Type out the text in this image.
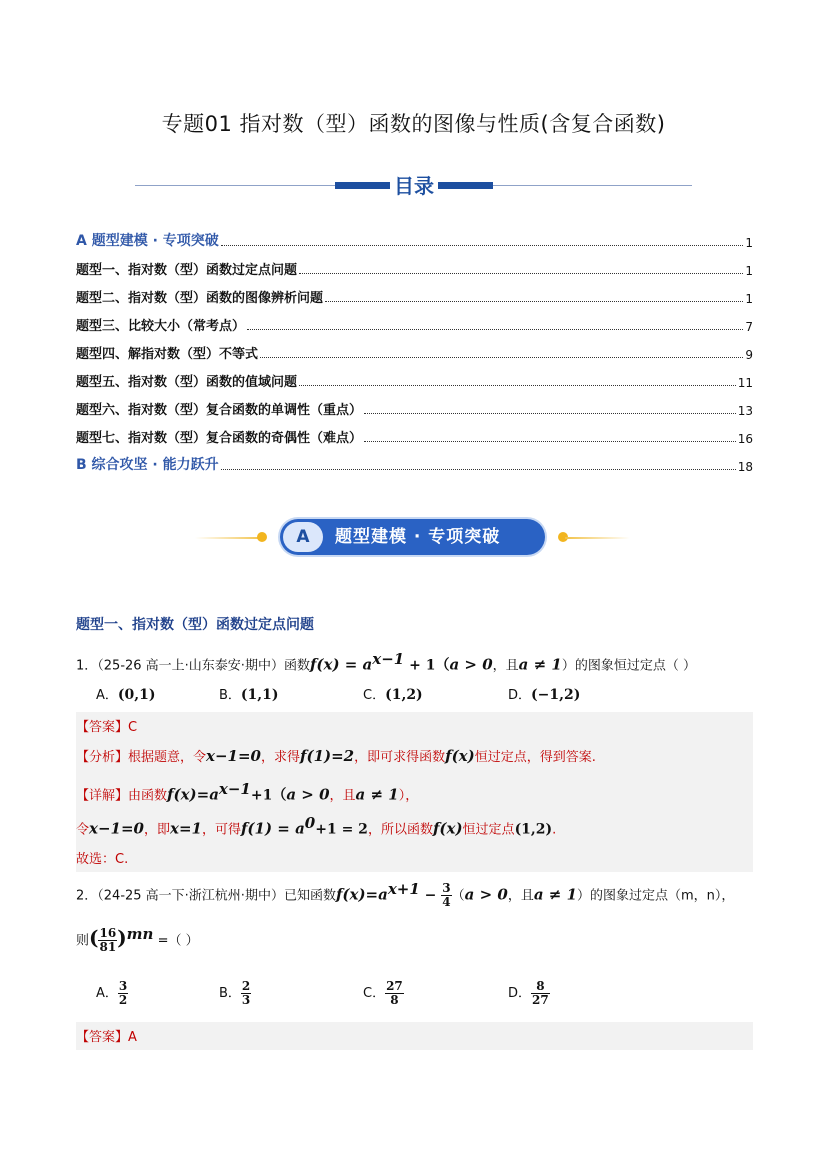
专题01 指对数（型）函数的图像与性质(含复合函数)
目录
A 题型建模 · 专项突破	1
题型一、指对数（型）函数过定点问题	1
题型二、指对数（型）函数的图像辨析问题	1
题型三、比较大小（常考点）	7
题型四、解指对数（型）不等式	9
题型五、指对数（型）函数的值域问题	11
题型六、指对数（型）复合函数的单调性（重点）	13
题型七、指对数（型）复合函数的奇偶性（难点）	16
B 综合攻坚 · 能力跃升	18
A	题型建模 · 专项突破
题型一、指对数（型）函数过定点问题
1．（25-26 高一上·山东泰安·期中）函数$f(x) = a^{x-1} + 1(a > 0$，且a ≠ 1）的图象恒过定点（ ）
A．(0,1)	B．(1,1)	C．(1,2)	D．(−1,2)
【答案】C
【分析】根据题意，令x−1=0，求得f(1)=2，即可求得函数f(x)恒过定点，得到答案.
【详解】由函数$f(x)=a^{x-1}+1(a > 0$，且a ≠ 1），
令x−1=0，即x=1，可得$f(1) = a^0+1 = 2$，所以函数f(x)恒过定点(1,2).
故选：C.
2．（24-25 高一下·浙江杭州·期中）已知函数$f(x)=a^{x+1} - \frac{3}{4} (a > 0$，且a ≠ 1）的图象过定点（m，n），
则( $\frac{16}{81} )^{mn}$ =（ ）
A． $\frac{3}{2}$	B． $\frac{2}{3}$	C． $\frac{27}{8}$	D． $\frac{8}{27}$
【答案】A
